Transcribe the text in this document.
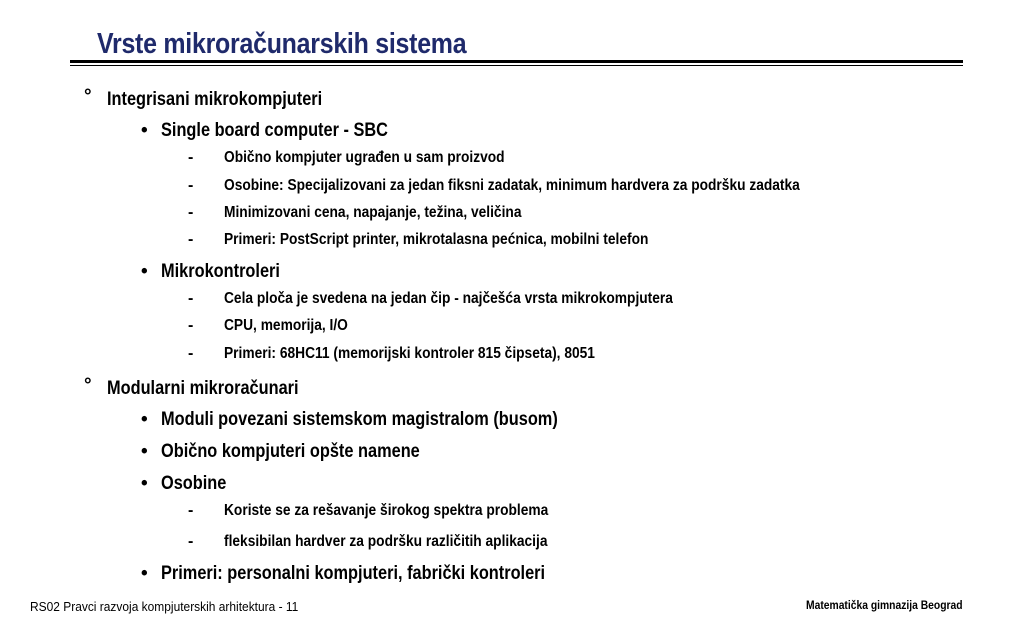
Vrste mikroračunarskih sistema
° Integrisani mikrokompjuteri
• Single board computer - SBC
- Obično kompjuter ugrađen u sam proizvod
- Osobine: Specijalizovani za jedan fiksni zadatak, minimum hardvera za podršku zadatka
- Minimizovani cena, napajanje, težina, veličina
- Primeri: PostScript printer, mikrotalasna pećnica, mobilni telefon
• Mikrokontroleri
- Cela ploča je svedena na jedan čip - najčešća vrsta mikrokompjutera
- CPU, memorija, I/O
- Primeri: 68HC11 (memorijski kontroler 815 čipseta), 8051
° Modularni mikroračunari
• Moduli povezani sistemskom magistralom (busom)
• Obično kompjuteri opšte namene
• Osobine
- Koriste se za rešavanje širokog spektra problema
- fleksibilan hardver za podršku različitih aplikacija
• Primeri: personalni kompjuteri, fabrički kontroleri
RS02 Pravci razvoja kompjuterskih arhitektura - 11	Matematička gimnazija Beograd
